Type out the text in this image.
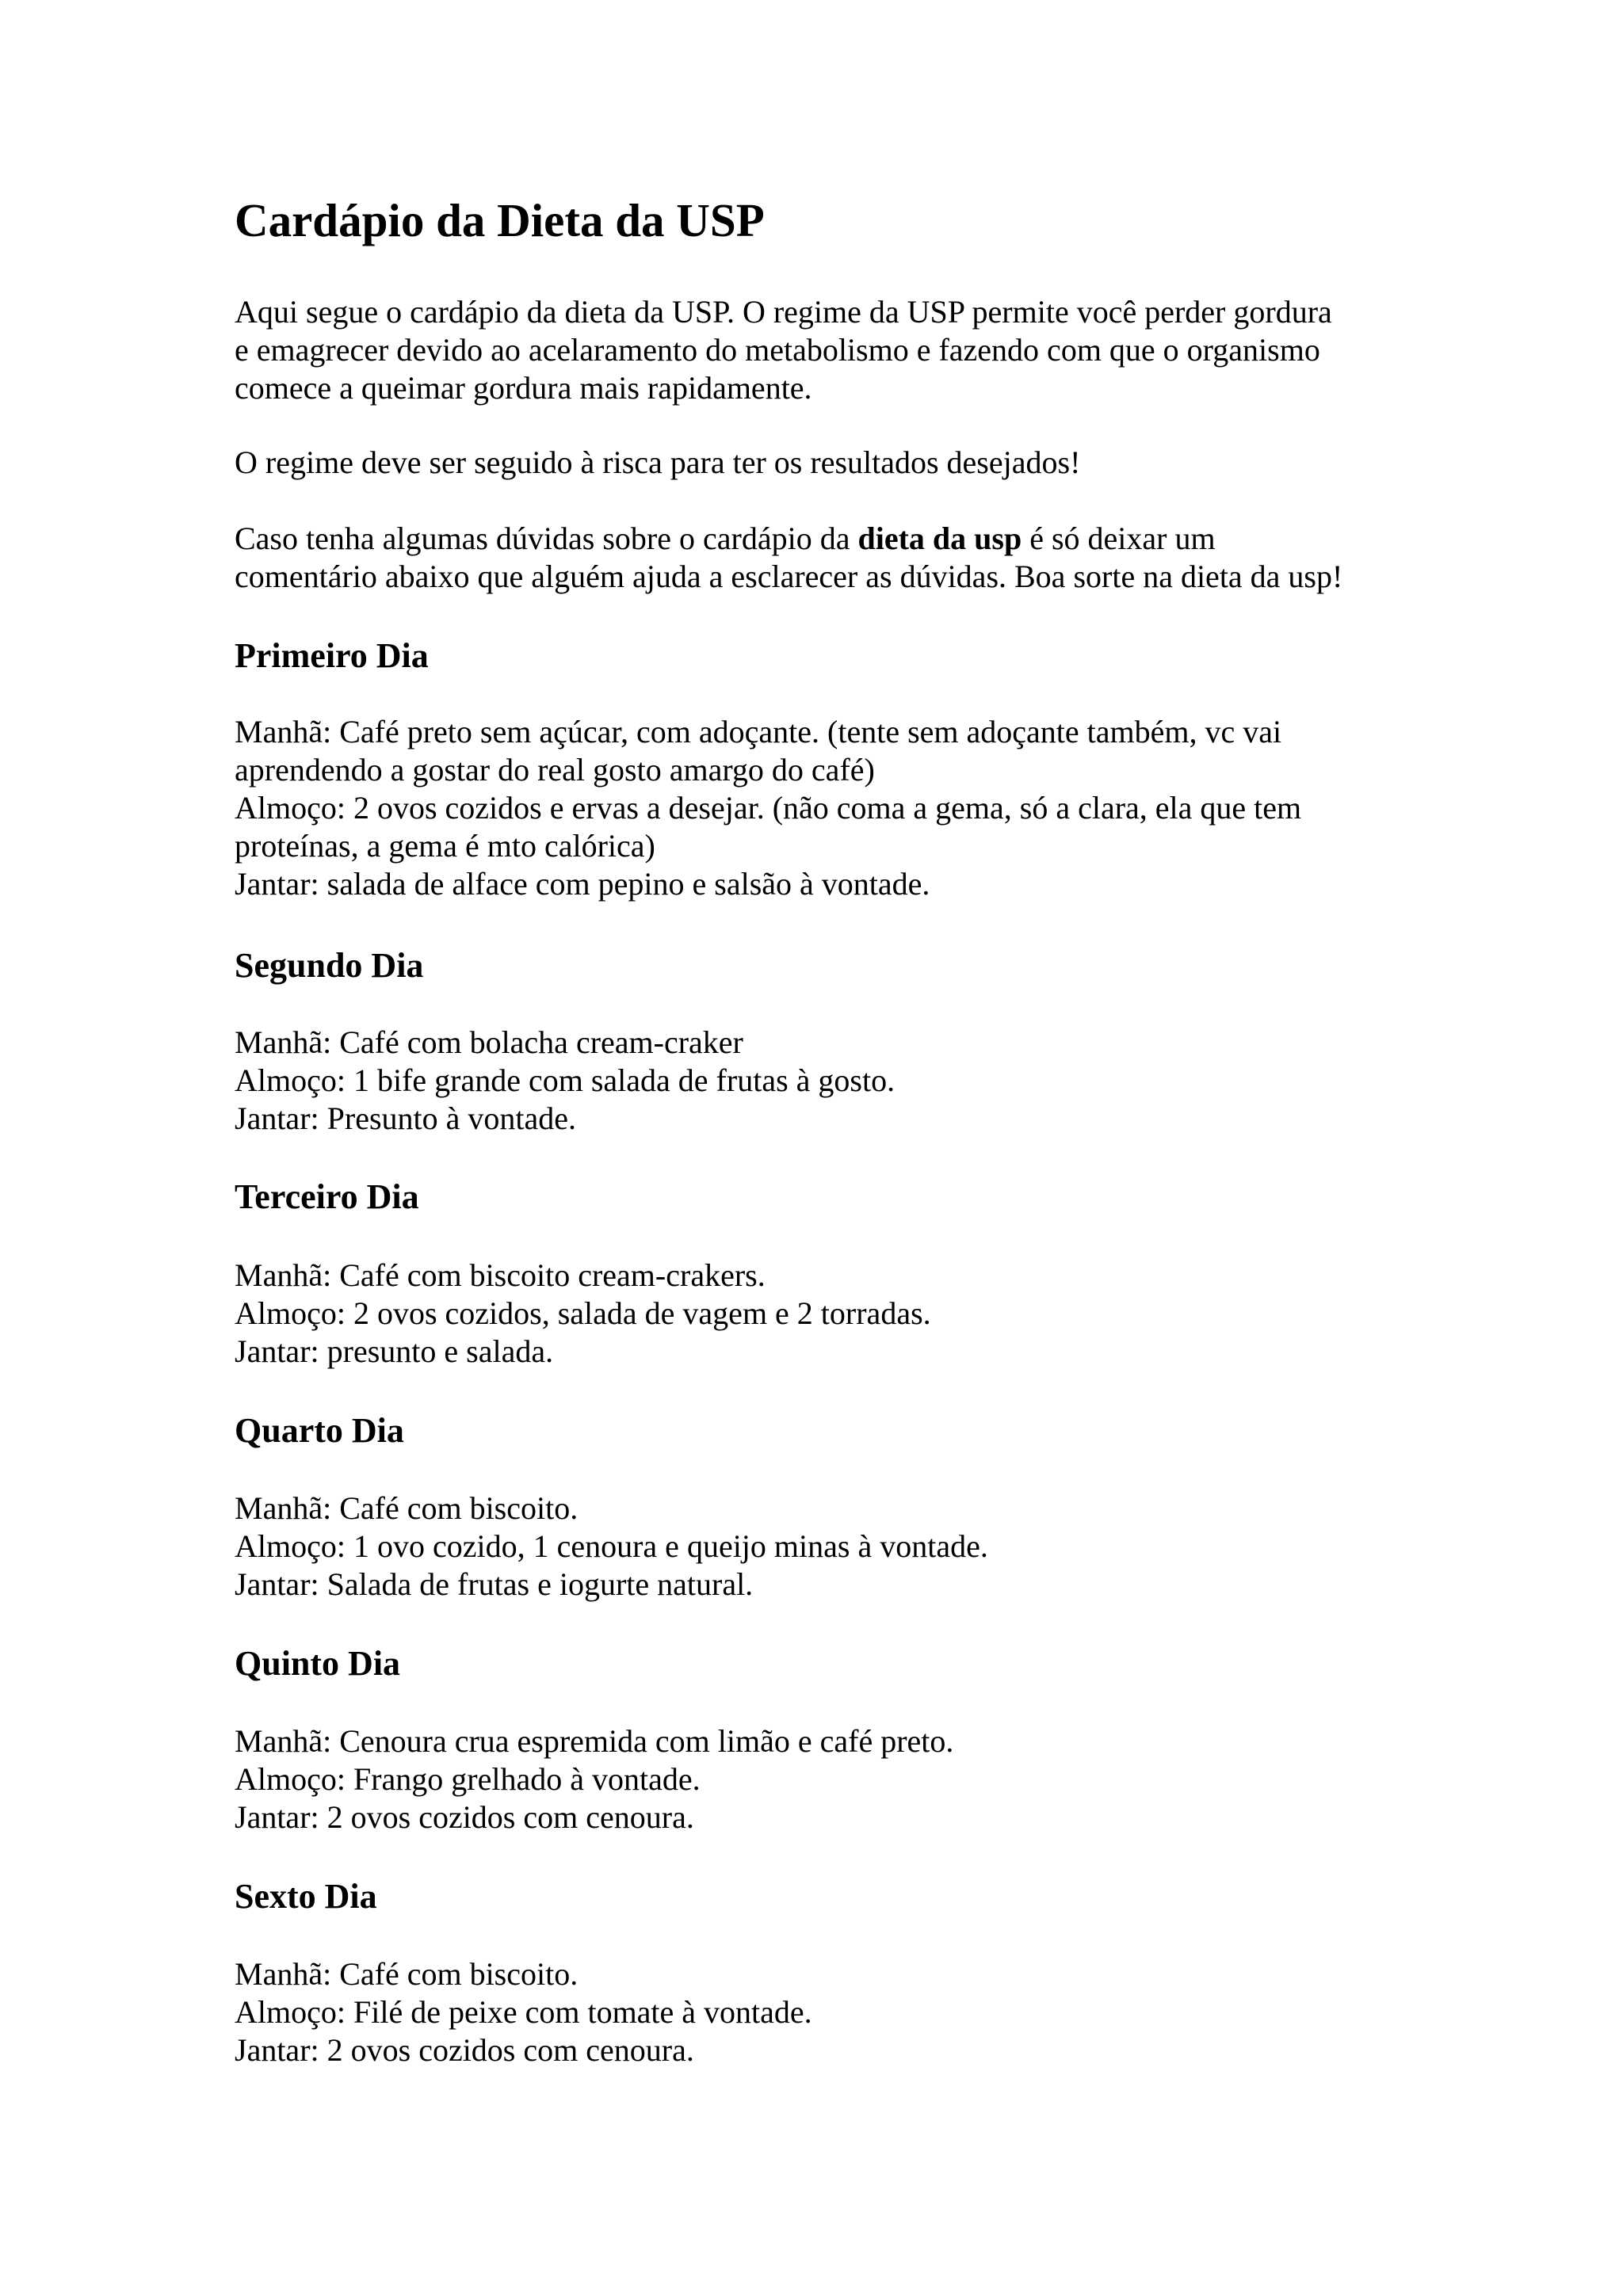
Cardápio da Dieta da USP
Aqui segue o cardápio da dieta da USP. O regime da USP permite você perder gordura
e emagrecer devido ao acelaramento do metabolismo e fazendo com que o organismo
comece a queimar gordura mais rapidamente.
O regime deve ser seguido à risca para ter os resultados desejados!
Caso tenha algumas dúvidas sobre o cardápio da dieta da usp é só deixar um
comentário abaixo que alguém ajuda a esclarecer as dúvidas. Boa sorte na dieta da usp!
Primeiro Dia
Manhã: Café preto sem açúcar, com adoçante. (tente sem adoçante também, vc vai
aprendendo a gostar do real gosto amargo do café)
Almoço: 2 ovos cozidos e ervas a desejar. (não coma a gema, só a clara, ela que tem
proteínas, a gema é mto calórica)
Jantar: salada de alface com pepino e salsão à vontade.
Segundo Dia
Manhã: Café com bolacha cream-craker
Almoço: 1 bife grande com salada de frutas à gosto.
Jantar: Presunto à vontade.
Terceiro Dia
Manhã: Café com biscoito cream-crakers.
Almoço: 2 ovos cozidos, salada de vagem e 2 torradas.
Jantar: presunto e salada.
Quarto Dia
Manhã: Café com biscoito.
Almoço: 1 ovo cozido, 1 cenoura e queijo minas à vontade.
Jantar: Salada de frutas e iogurte natural.
Quinto Dia
Manhã: Cenoura crua espremida com limão e café preto.
Almoço: Frango grelhado à vontade.
Jantar: 2 ovos cozidos com cenoura.
Sexto Dia
Manhã: Café com biscoito.
Almoço: Filé de peixe com tomate à vontade.
Jantar: 2 ovos cozidos com cenoura.
